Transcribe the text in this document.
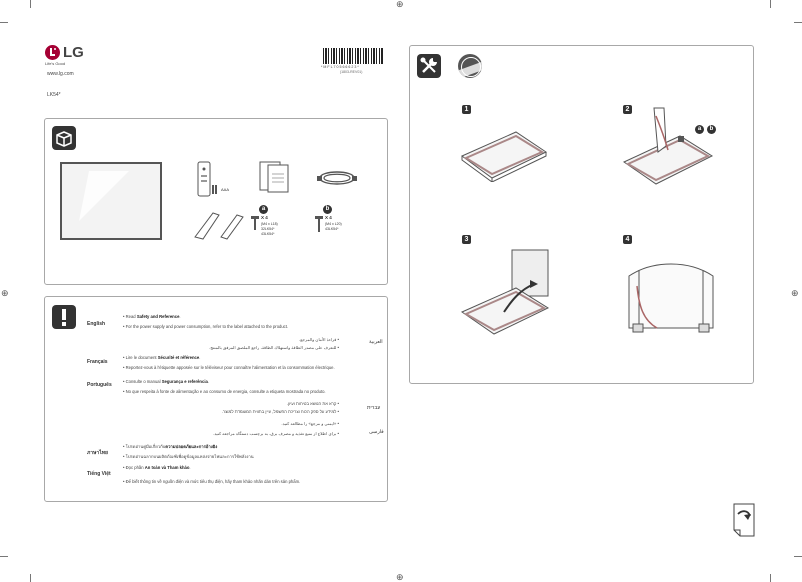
⊕
⊕
⊕	⊕
LG
Life's Good
www.lg.com
LK54*
* M F L 7 0 5 6 6 6 2 3 *
(1803-REV01)
AAA
a
X 4
(M4 x L18)
32LK54*
43LK54*
b
X 4
(M4 x L20)
43LK54*
English
• Read Safety and Reference.
• For the power supply and power consumption, refer to the label attached to the product.
العربية
• قراءة الأمان والمرجع.
• للتعرف على مصدر الطاقة واستهلاك الطاقة، راجع الملصق المرفق بالمنتج.
Français
• Lire le document Sécurité et référence.
• Reportez-vous à l'étiquette apposée sur le téléviseur pour connaître l'alimentation et la consommation électrique.
Português
• Consulte o manual Segurança e referência.
• No que respeita à fonte de alimentação e ao consumo de energia, consulte a etiqueta mostrada no produto.
עברית
• קרא את הנושא בטיחות ועיון.
• למידע על ספק הכוח וצריכת החשמל, עיין בתווית המוצמדת למוצר.
فارسی
• «ایمنی و مرجع» را مطالعه کنید.
• برای اطلاع از منبع تغذیه و مصرف برق، به برچسب دستگاه مراجعه کنید.
ภาษาไทย
• โปรดอ่านคู่มือเกี่ยวกับความปลอดภัยและการอ้างอิง
• โปรดอ่านฉลากบนผลิตภัณฑ์เพื่อดูข้อมูลแหล่งจ่ายไฟและการใช้พลังงาน
Tiếng Việt
• Đọc phần An toàn và Tham khảo.
• Để biết thông tin về nguồn điện và mức tiêu thụ điện, hãy tham khảo nhãn dán trên sản phẩm.
1	2
a	b
3	4
